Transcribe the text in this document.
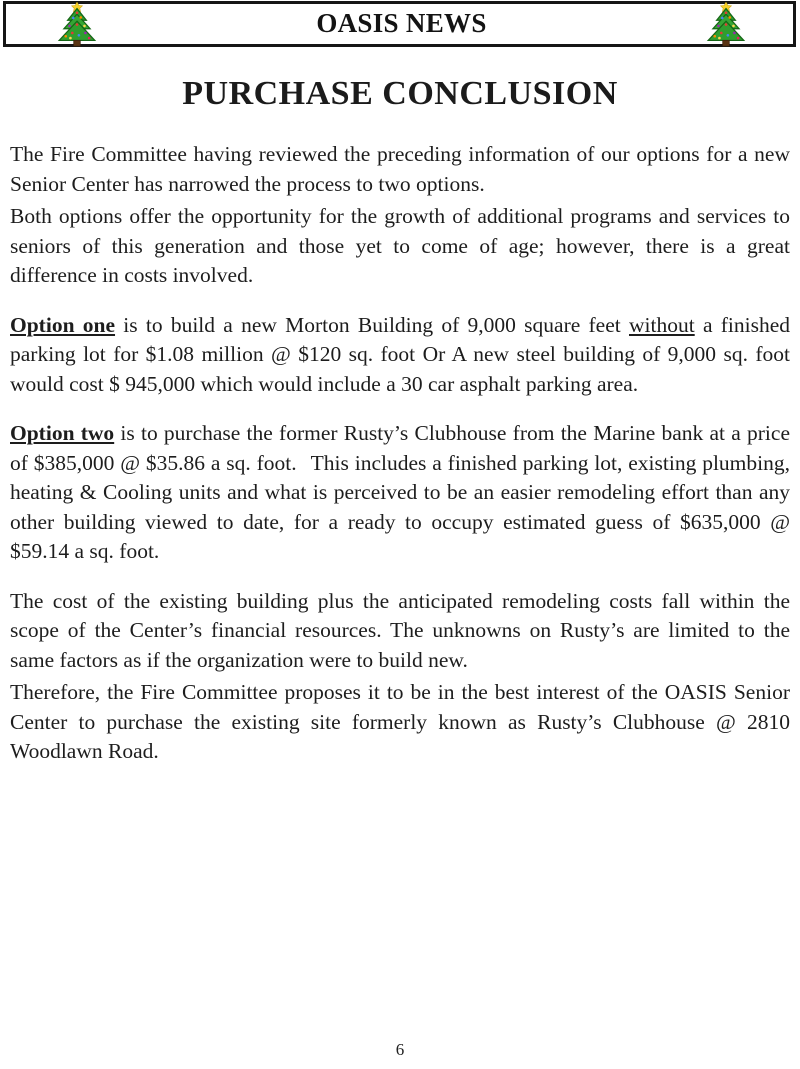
OASIS NEWS
PURCHASE CONCLUSION

The Fire Committee having reviewed the preceding information of our options for a new Senior Center has narrowed the process to two options.

Both options offer the opportunity for the growth of additional programs and services to seniors of this generation and those yet to come of age; however, there is a great difference in costs involved.

Option one is to build a new Morton Building of 9,000 square feet without a finished parking lot for $1.08 million @ $120 sq. foot Or A new steel building of 9,000 sq. foot would cost $ 945,000 which would include a 30 car asphalt parking area.

Option two is to purchase the former Rusty’s Clubhouse from the Marine bank at a price of $385,000 @ $35.86 a sq. foot. This includes a finished parking lot, existing plumbing, heating & Cooling units and what is perceived to be an easier remodeling effort than any other building viewed to date, for a ready to occupy estimated guess of $635,000 @ $59.14 a sq. foot.

The cost of the existing building plus the anticipated remodeling costs fall within the scope of the Center’s financial resources. The unknowns on Rusty’s are limited to the same factors as if the organization were to build new.

Therefore, the Fire Committee proposes it to be in the best interest of the OASIS Senior Center to purchase the existing site formerly known as Rusty’s Clubhouse @ 2810 Woodlawn Road.

6
